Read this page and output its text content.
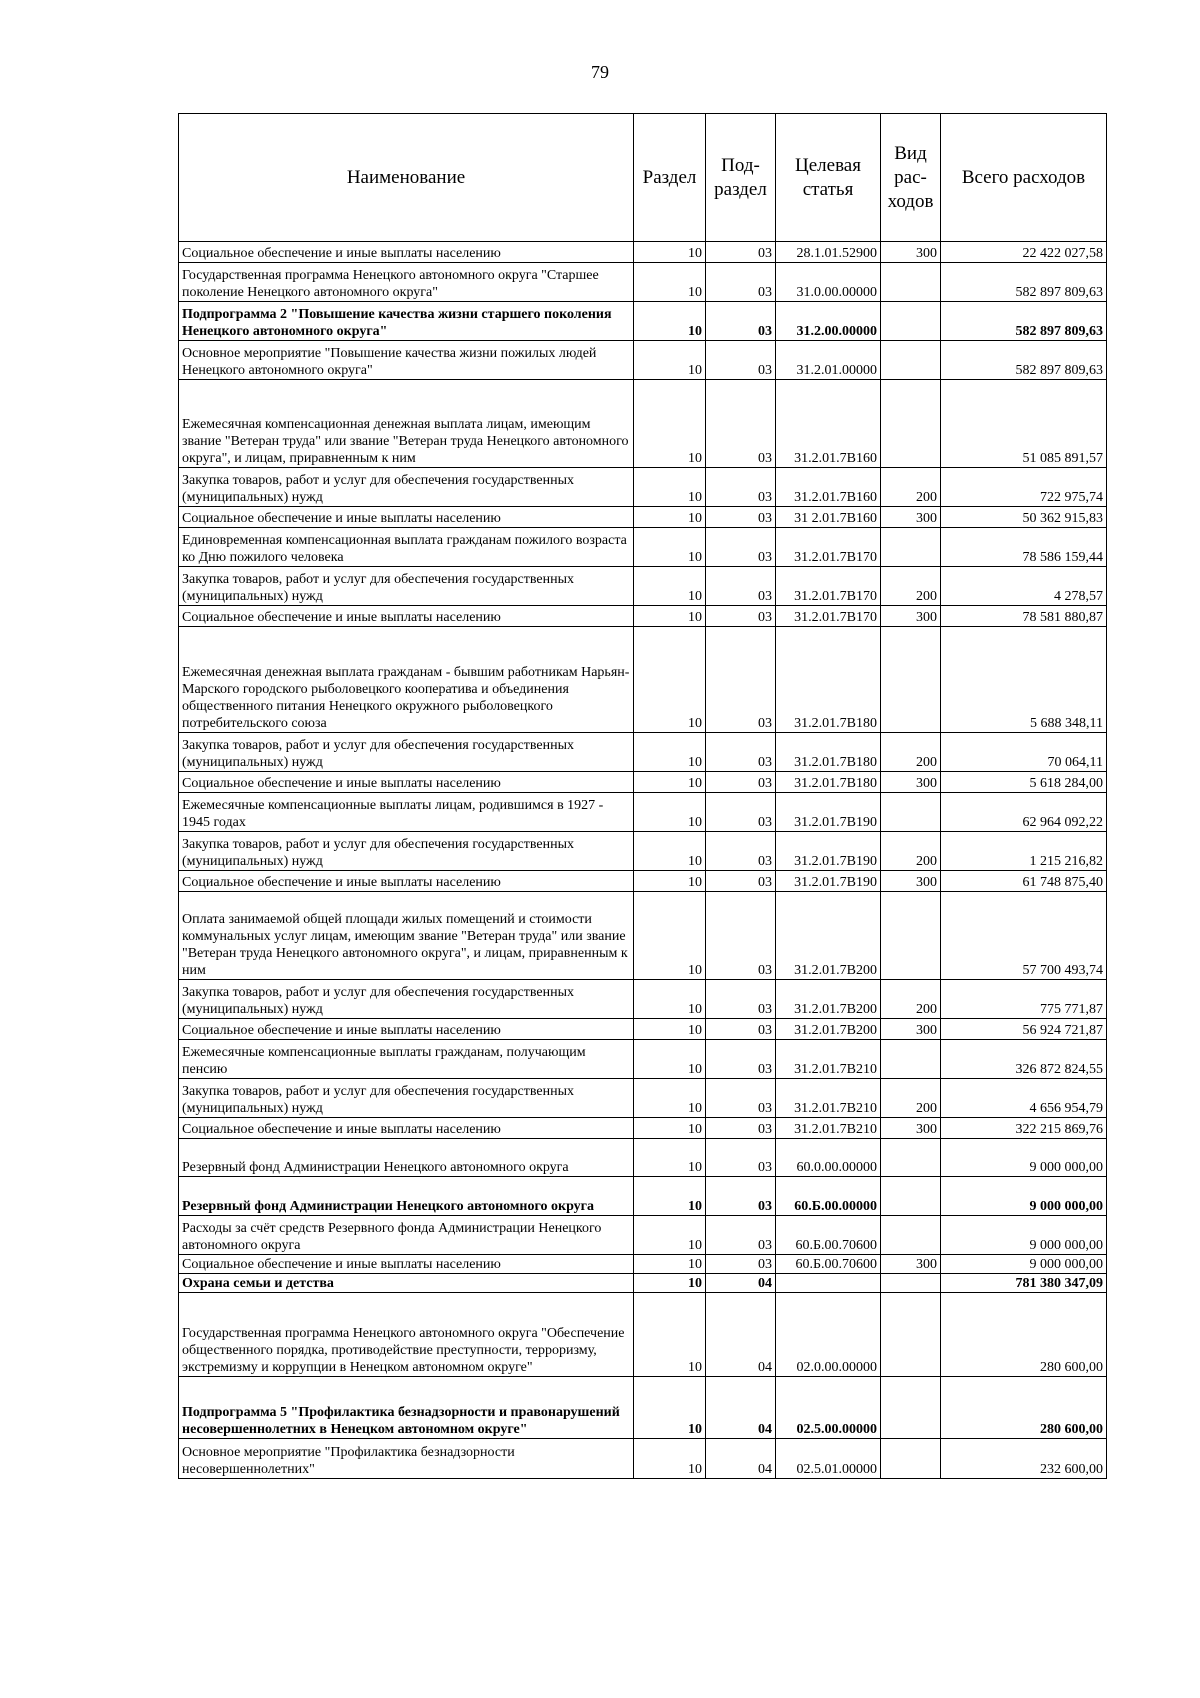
79
Наименование	Раздел	Под-раздел	Целевая статья	Вид рас-ходов	Всего расходов
Социальное обеспечение и иные выплаты населению	10	03	28.1.01.52900	300	22 422 027,58
Государственная программа Ненецкого автономного округа "Старшее поколение Ненецкого автономного округа"	10	03	31.0.00.00000		582 897 809,63
Подпрограмма 2 "Повышение качества жизни старшего поколения Ненецкого автономного округа"	10	03	31.2.00.00000		582 897 809,63
Основное мероприятие "Повышение качества жизни пожилых людей Ненецкого автономного округа"	10	03	31.2.01.00000		582 897 809,63
Ежемесячная компенсационная денежная выплата лицам, имеющим звание "Ветеран труда" или звание "Ветеран труда Ненецкого автономного округа", и лицам, приравненным к ним	10	03	31.2.01.7В160		51 085 891,57
Закупка товаров, работ и услуг для обеспечения государственных (муниципальных) нужд	10	03	31.2.01.7В160	200	722 975,74
Социальное обеспечение и иные выплаты населению	10	03	31 2.01.7В160	300	50 362 915,83
Единовременная компенсационная выплата гражданам пожилого возраста ко Дню пожилого человека	10	03	31.2.01.7В170		78 586 159,44
Закупка товаров, работ и услуг для обеспечения государственных (муниципальных) нужд	10	03	31.2.01.7В170	200	4 278,57
Социальное обеспечение и иные выплаты населению	10	03	31.2.01.7В170	300	78 581 880,87
Ежемесячная денежная выплата гражданам - бывшим работникам Нарьян-Марского городского рыболовецкого кооператива и объединения общественного питания Ненецкого окружного рыболовецкого потребительского союза	10	03	31.2.01.7В180		5 688 348,11
Закупка товаров, работ и услуг для обеспечения государственных (муниципальных) нужд	10	03	31.2.01.7В180	200	70 064,11
Социальное обеспечение и иные выплаты населению	10	03	31.2.01.7В180	300	5 618 284,00
Ежемесячные компенсационные выплаты лицам, родившимся в 1927 - 1945 годах	10	03	31.2.01.7В190		62 964 092,22
Закупка товаров, работ и услуг для обеспечения государственных (муниципальных) нужд	10	03	31.2.01.7В190	200	1 215 216,82
Социальное обеспечение и иные выплаты населению	10	03	31.2.01.7В190	300	61 748 875,40
Оплата занимаемой общей площади жилых помещений и стоимости коммунальных услуг лицам, имеющим звание "Ветеран труда" или звание "Ветеран труда Ненецкого автономного округа", и лицам, приравненным к ним	10	03	31.2.01.7В200		57 700 493,74
Закупка товаров, работ и услуг для обеспечения государственных (муниципальных) нужд	10	03	31.2.01.7В200	200	775 771,87
Социальное обеспечение и иные выплаты населению	10	03	31.2.01.7В200	300	56 924 721,87
Ежемесячные компенсационные выплаты гражданам, получающим пенсию	10	03	31.2.01.7В210		326 872 824,55
Закупка товаров, работ и услуг для обеспечения государственных (муниципальных) нужд	10	03	31.2.01.7В210	200	4 656 954,79
Социальное обеспечение и иные выплаты населению	10	03	31.2.01.7В210	300	322 215 869,76
Резервный фонд Администрации Ненецкого автономного округа	10	03	60.0.00.00000		9 000 000,00
Резервный фонд Администрации Ненецкого автономного округа	10	03	60.Б.00.00000		9 000 000,00
Расходы за счёт средств Резервного фонда Администрации Ненецкого автономного округа	10	03	60.Б.00.70600		9 000 000,00
Социальное обеспечение и иные выплаты населению	10	03	60.Б.00.70600	300	9 000 000,00
Охрана семьи и детства	10	04			781 380 347,09
Государственная программа Ненецкого автономного округа "Обеспечение общественного порядка, противодействие преступности, терроризму, экстремизму и коррупции в Ненецком автономном округе"	10	04	02.0.00.00000		280 600,00
Подпрограмма 5 "Профилактика безнадзорности и правонарушений несовершеннолетних в Ненецком автономном округе"	10	04	02.5.00.00000		280 600,00
Основное мероприятие "Профилактика безнадзорности несовершеннолетних"	10	04	02.5.01.00000		232 600,00
